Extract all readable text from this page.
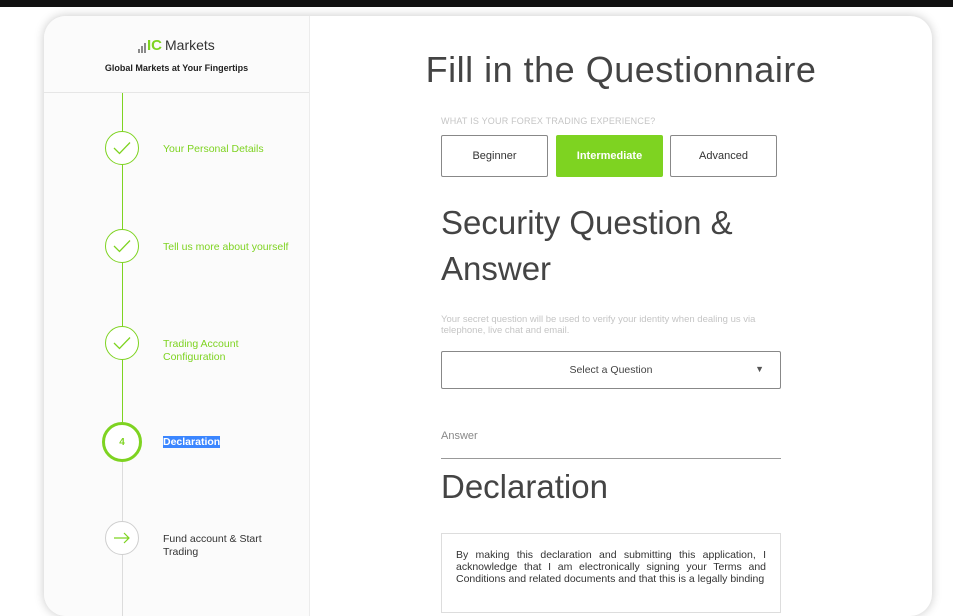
IC Markets
Global Markets at Your Fingertips
Your Personal Details
Tell us more about yourself
Trading Account Configuration
4	Declaration
Fund account & Start Trading
Fill in the Questionnaire
WHAT IS YOUR FOREX TRADING EXPERIENCE?
Beginner	Intermediate	Advanced
Security Question & Answer
Your secret question will be used to verify your identity when dealing us via telephone, live chat and email.
Select a Question	▼
Answer
Declaration
By making this declaration and submitting this application, I acknowledge that I am electronically signing your Terms and Conditions and related documents and that this is a legally binding
